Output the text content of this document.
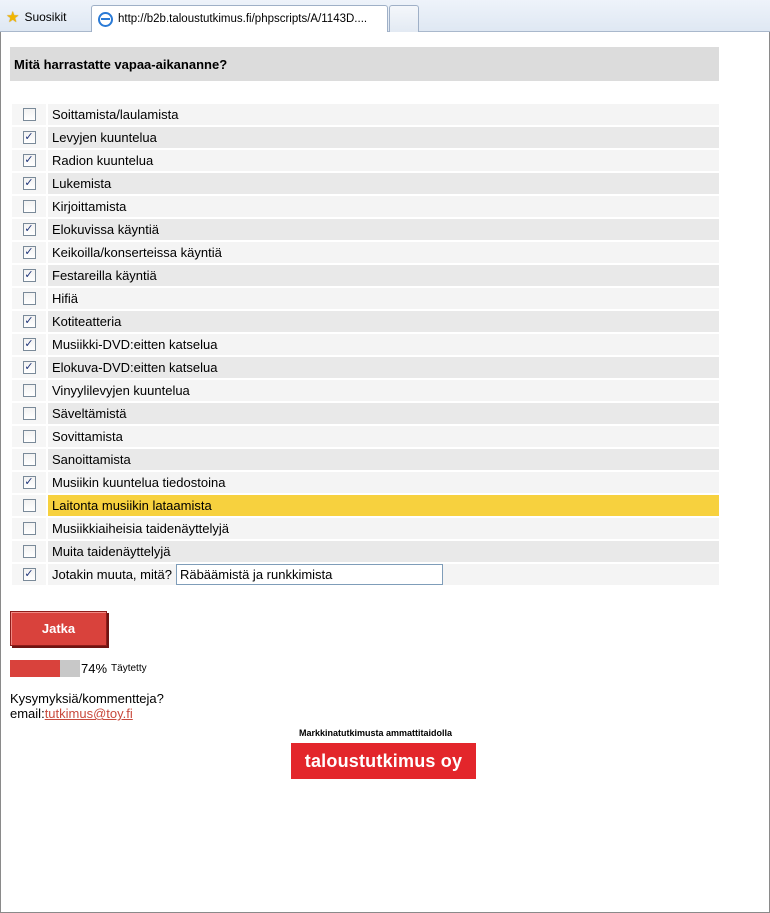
★ Suosikit	http://b2b.taloustutkimus.fi/phpscripts/A/1143D....
Mitä harrastatte vapaa-aikananne?
Soittamista/laulamista
✓ Levyjen kuuntelua
✓ Radion kuuntelua
✓ Lukemista
Kirjoittamista
✓ Elokuvissa käyntiä
✓ Keikoilla/konserteissa käyntiä
✓ Festareilla käyntiä
Hifiä
✓ Kotiteatteria
✓ Musiikki-DVD:eitten katselua
✓ Elokuva-DVD:eitten katselua
Vinyylilevyjen kuuntelua
Säveltämistä
Sovittamista
Sanoittamista
✓ Musiikin kuuntelua tiedostoina
Laitonta musiikin lataamista
Musiikkiaiheisia taidenäyttelyjä
Muita taidenäyttelyjä
✓ Jotakin muuta, mitä?
Räbäämistä ja runkkimista
Jatka
74% Täytetty
Kysymyksiä/kommentteja?
email:tutkimus@toy.fi
Markkinatutkimusta ammattitaidolla
taloustutkimus oy
